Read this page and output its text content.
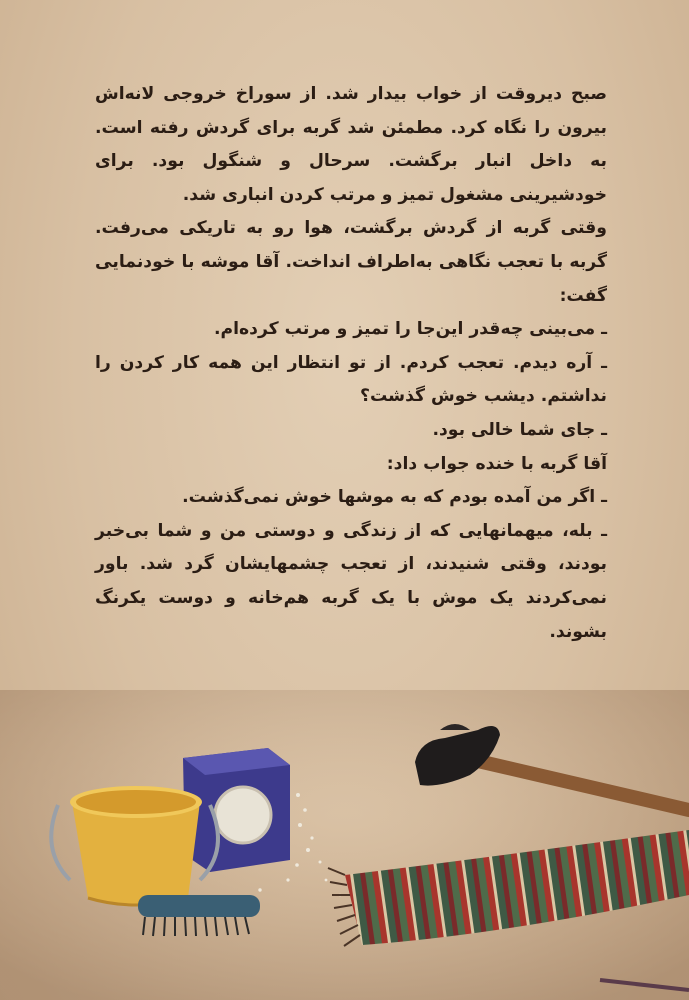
صبح دیروقت از خواب بیدار شد. از سوراخ خروجی لانه‌اش بیرون را نگاه کرد. مطمئن شد گربه برای گردش رفته است. به داخل انبار برگشت. سرحال و شنگول بود. برای خودشیرینی مشغول تمیز و مرتب کردن انباری شد.

وقتی گربه از گردش برگشت، هوا رو به تاریکی می‌رفت. گربه با تعجب نگاهی به‌اطراف انداخت. آقا موشه با خودنمایی گفت:

ـ می‌بینی چه‌قدر این‌جا را تمیز و مرتب کرده‌ام.

ـ آره دیدم. تعجب کردم. از تو انتظار این همه کار کردن را نداشتم. دیشب خوش گذشت؟

ـ جای شما خالی بود.

آقا گربه با خنده جواب داد:

ـ اگر من آمده بودم که به موشها خوش نمی‌گذشت.

ـ بله، میهمانهایی که از زندگی و دوستی من و شما بی‌خبر بودند، وقتی شنیدند، از تعجب چشمهایشان گرد شد. باور نمی‌کردند یک موش با یک گربه هم‌خانه و دوست یکرنگ بشوند.
